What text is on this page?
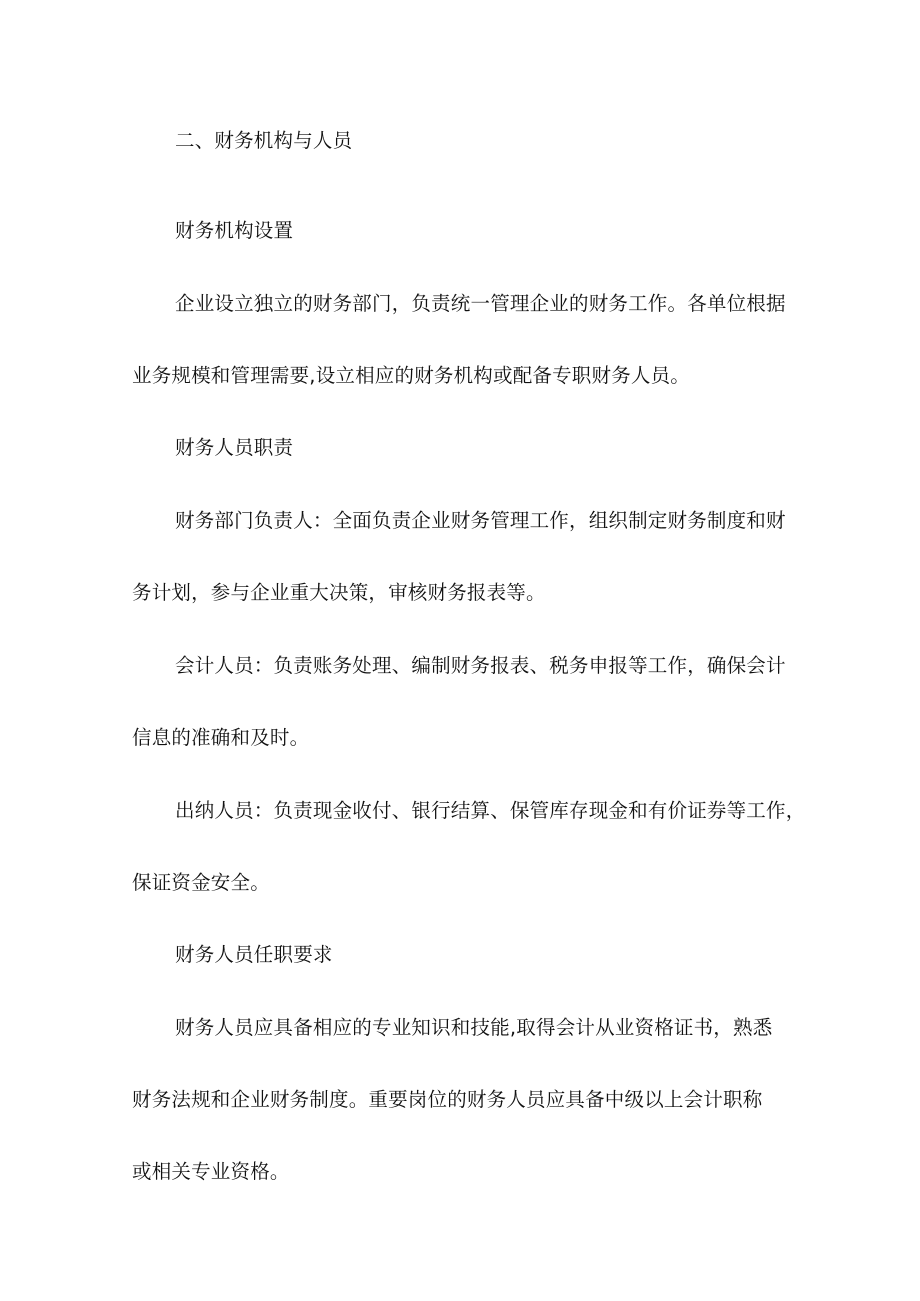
二、财务机构与人员
财务机构设置
企业设立独立的财务部门，负责统一管理企业的财务工作。各单位根据
业务规模和管理需要,设立相应的财务机构或配备专职财务人员。
财务人员职责
财务部门负责人：全面负责企业财务管理工作，组织制定财务制度和财
务计划，参与企业重大决策，审核财务报表等。
会计人员：负责账务处理、编制财务报表、税务申报等工作，确保会计
信息的准确和及时。
出纳人员：负责现金收付、银行结算、保管库存现金和有价证券等工作，
保证资金安全。
财务人员任职要求
财务人员应具备相应的专业知识和技能,取得会计从业资格证书，熟悉
财务法规和企业财务制度。重要岗位的财务人员应具备中级以上会计职称
或相关专业资格。
